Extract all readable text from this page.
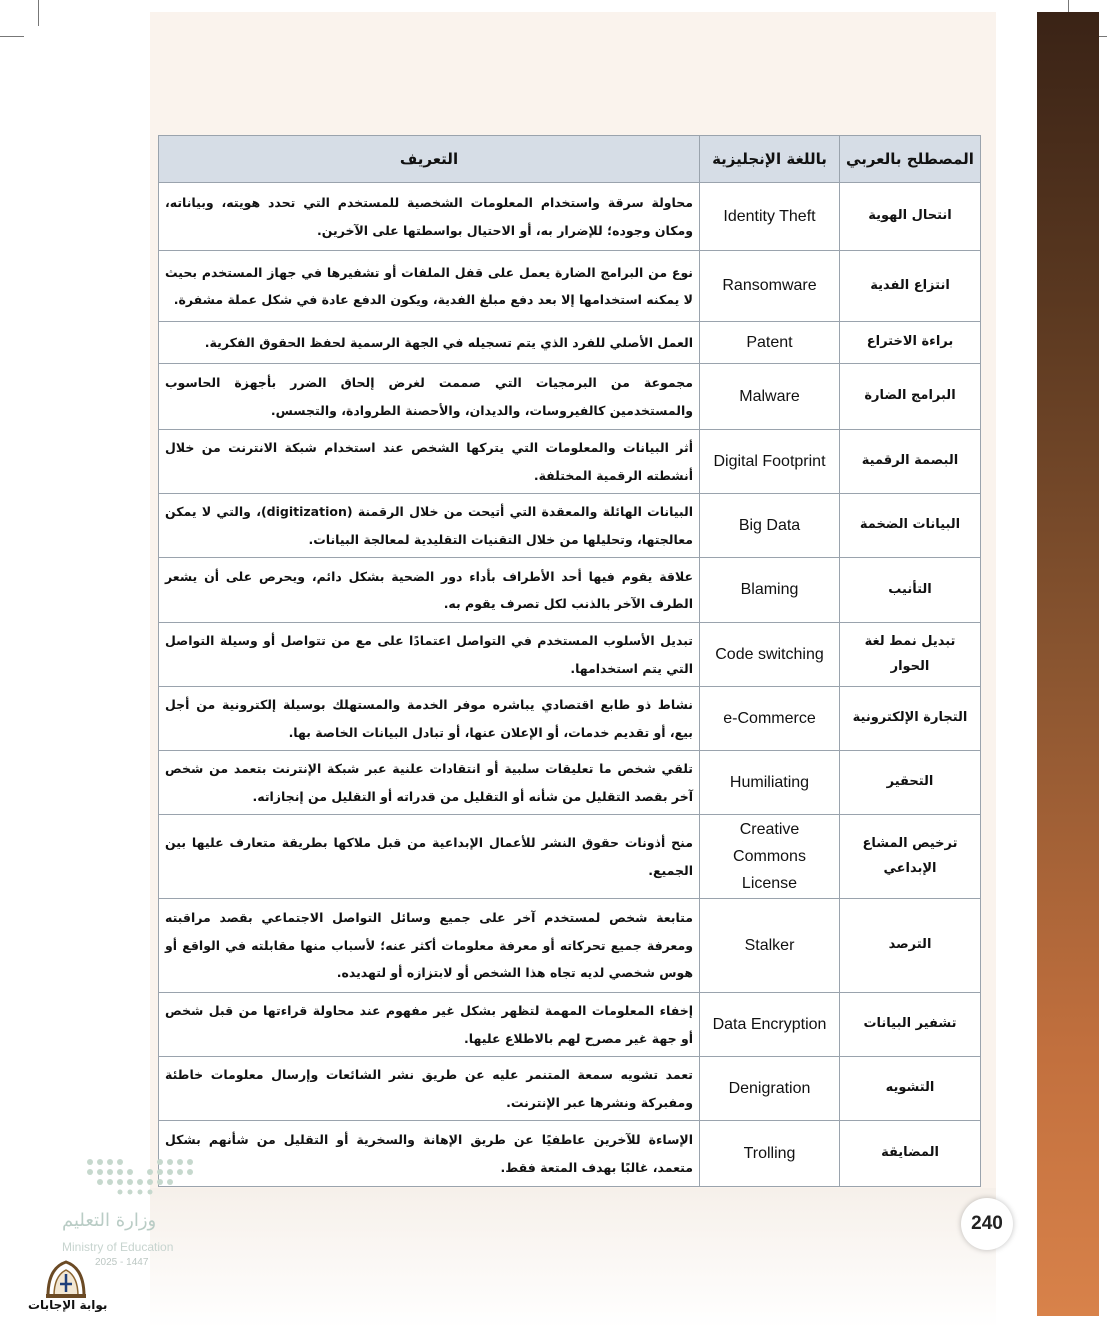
المصطلح بالعربي	باللغة الإنجليزية	التعريف
انتحال الهوية	Identity Theft	محاولة سرقة واستخدام المعلومات الشخصية للمستخدم التي تحدد هويته، وبياناته، ومكان وجوده؛ للإضرار به، أو الاحتيال بواسطتها على الآخرين.
انتزاع الفدية	Ransomware	نوع من البرامج الضارة يعمل على قفل الملفات أو تشفيرها في جهاز المستخدم بحيث لا يمكنه استخدامها إلا بعد دفع مبلغ الفدية، ويكون الدفع عادة في شكل عملة مشفرة.
براءة الاختراع	Patent	العمل الأصلي للفرد الذي يتم تسجيله في الجهة الرسمية لحفظ الحقوق الفكرية.
البرامج الضارة	Malware	مجموعة من البرمجيات التي صممت لغرض إلحاق الضرر بأجهزة الحاسوب والمستخدمين كالفيروسات، والديدان، والأحصنة الطروادة، والتجسس.
البصمة الرقمية	Digital Footprint	أثر البيانات والمعلومات التي يتركها الشخص عند استخدام شبكة الانترنت من خلال أنشطته الرقمية المختلفة.
البيانات الضخمة	Big Data	البيانات الهائلة والمعقدة التي أتيحت من خلال الرقمنة (digitization)، والتي لا يمكن معالجتها، وتحليلها من خلال التقنيات التقليدية لمعالجة البيانات.
التأنيب	Blaming	علاقة يقوم فيها أحد الأطراف بأداء دور الضحية بشكل دائم، ويحرص على أن يشعر الطرف الآخر بالذنب لكل تصرف يقوم به.
تبديل نمط لغة الحوار	Code switching	تبديل الأسلوب المستخدم في التواصل اعتمادًا على مع من تتواصل أو وسيلة التواصل التي يتم استخدامها.
التجارة الإلكترونية	e-Commerce	نشاط ذو طابع اقتصادي يباشره موفر الخدمة والمستهلك بوسيلة إلكترونية من أجل بيع، أو تقديم خدمات، أو الإعلان عنها، أو تبادل البيانات الخاصة بها.
التحقير	Humiliating	تلقي شخص ما تعليقات سلبية أو انتقادات علنية عبر شبكة الإنترنت بتعمد من شخص آخر بقصد التقليل من شأنه أو التقليل من قدراته أو التقليل من إنجازاته.
ترخيص المشاع الإبداعي	Creative Commons License	منح أذونات حقوق النشر للأعمال الإبداعية من قبل ملاكها بطريقة متعارف عليها بين الجميع.
الترصد	Stalker	متابعة شخص لمستخدم آخر على جميع وسائل التواصل الاجتماعي بقصد مراقبته ومعرفة جميع تحركاته أو معرفة معلومات أكثر عنه؛ لأسباب منها مقابلته في الواقع أو هوس شخصي لديه تجاه هذا الشخص أو لابتزازه أو لتهديده.
تشفير البيانات	Data Encryption	إخفاء المعلومات المهمة لتظهر بشكل غير مفهوم عند محاولة قراءتها من قبل شخص أو جهة غير مصرح لهم بالاطلاع عليها.
التشويه	Denigration	تعمد تشويه سمعة المتنمر عليه عن طريق نشر الشائعات وإرسال معلومات خاطئة ومفبركة ونشرها عبر الإنترنت.
المضايقة	Trolling	الإساءة للآخرين عاطفيًا عن طريق الإهانة والسخرية أو التقليل من شأنهم بشكل متعمد، غالبًا بهدف المتعة فقط.
وزارة التعليم
Ministry of Education
2025 - 1447
بوابة الإجابات
240
